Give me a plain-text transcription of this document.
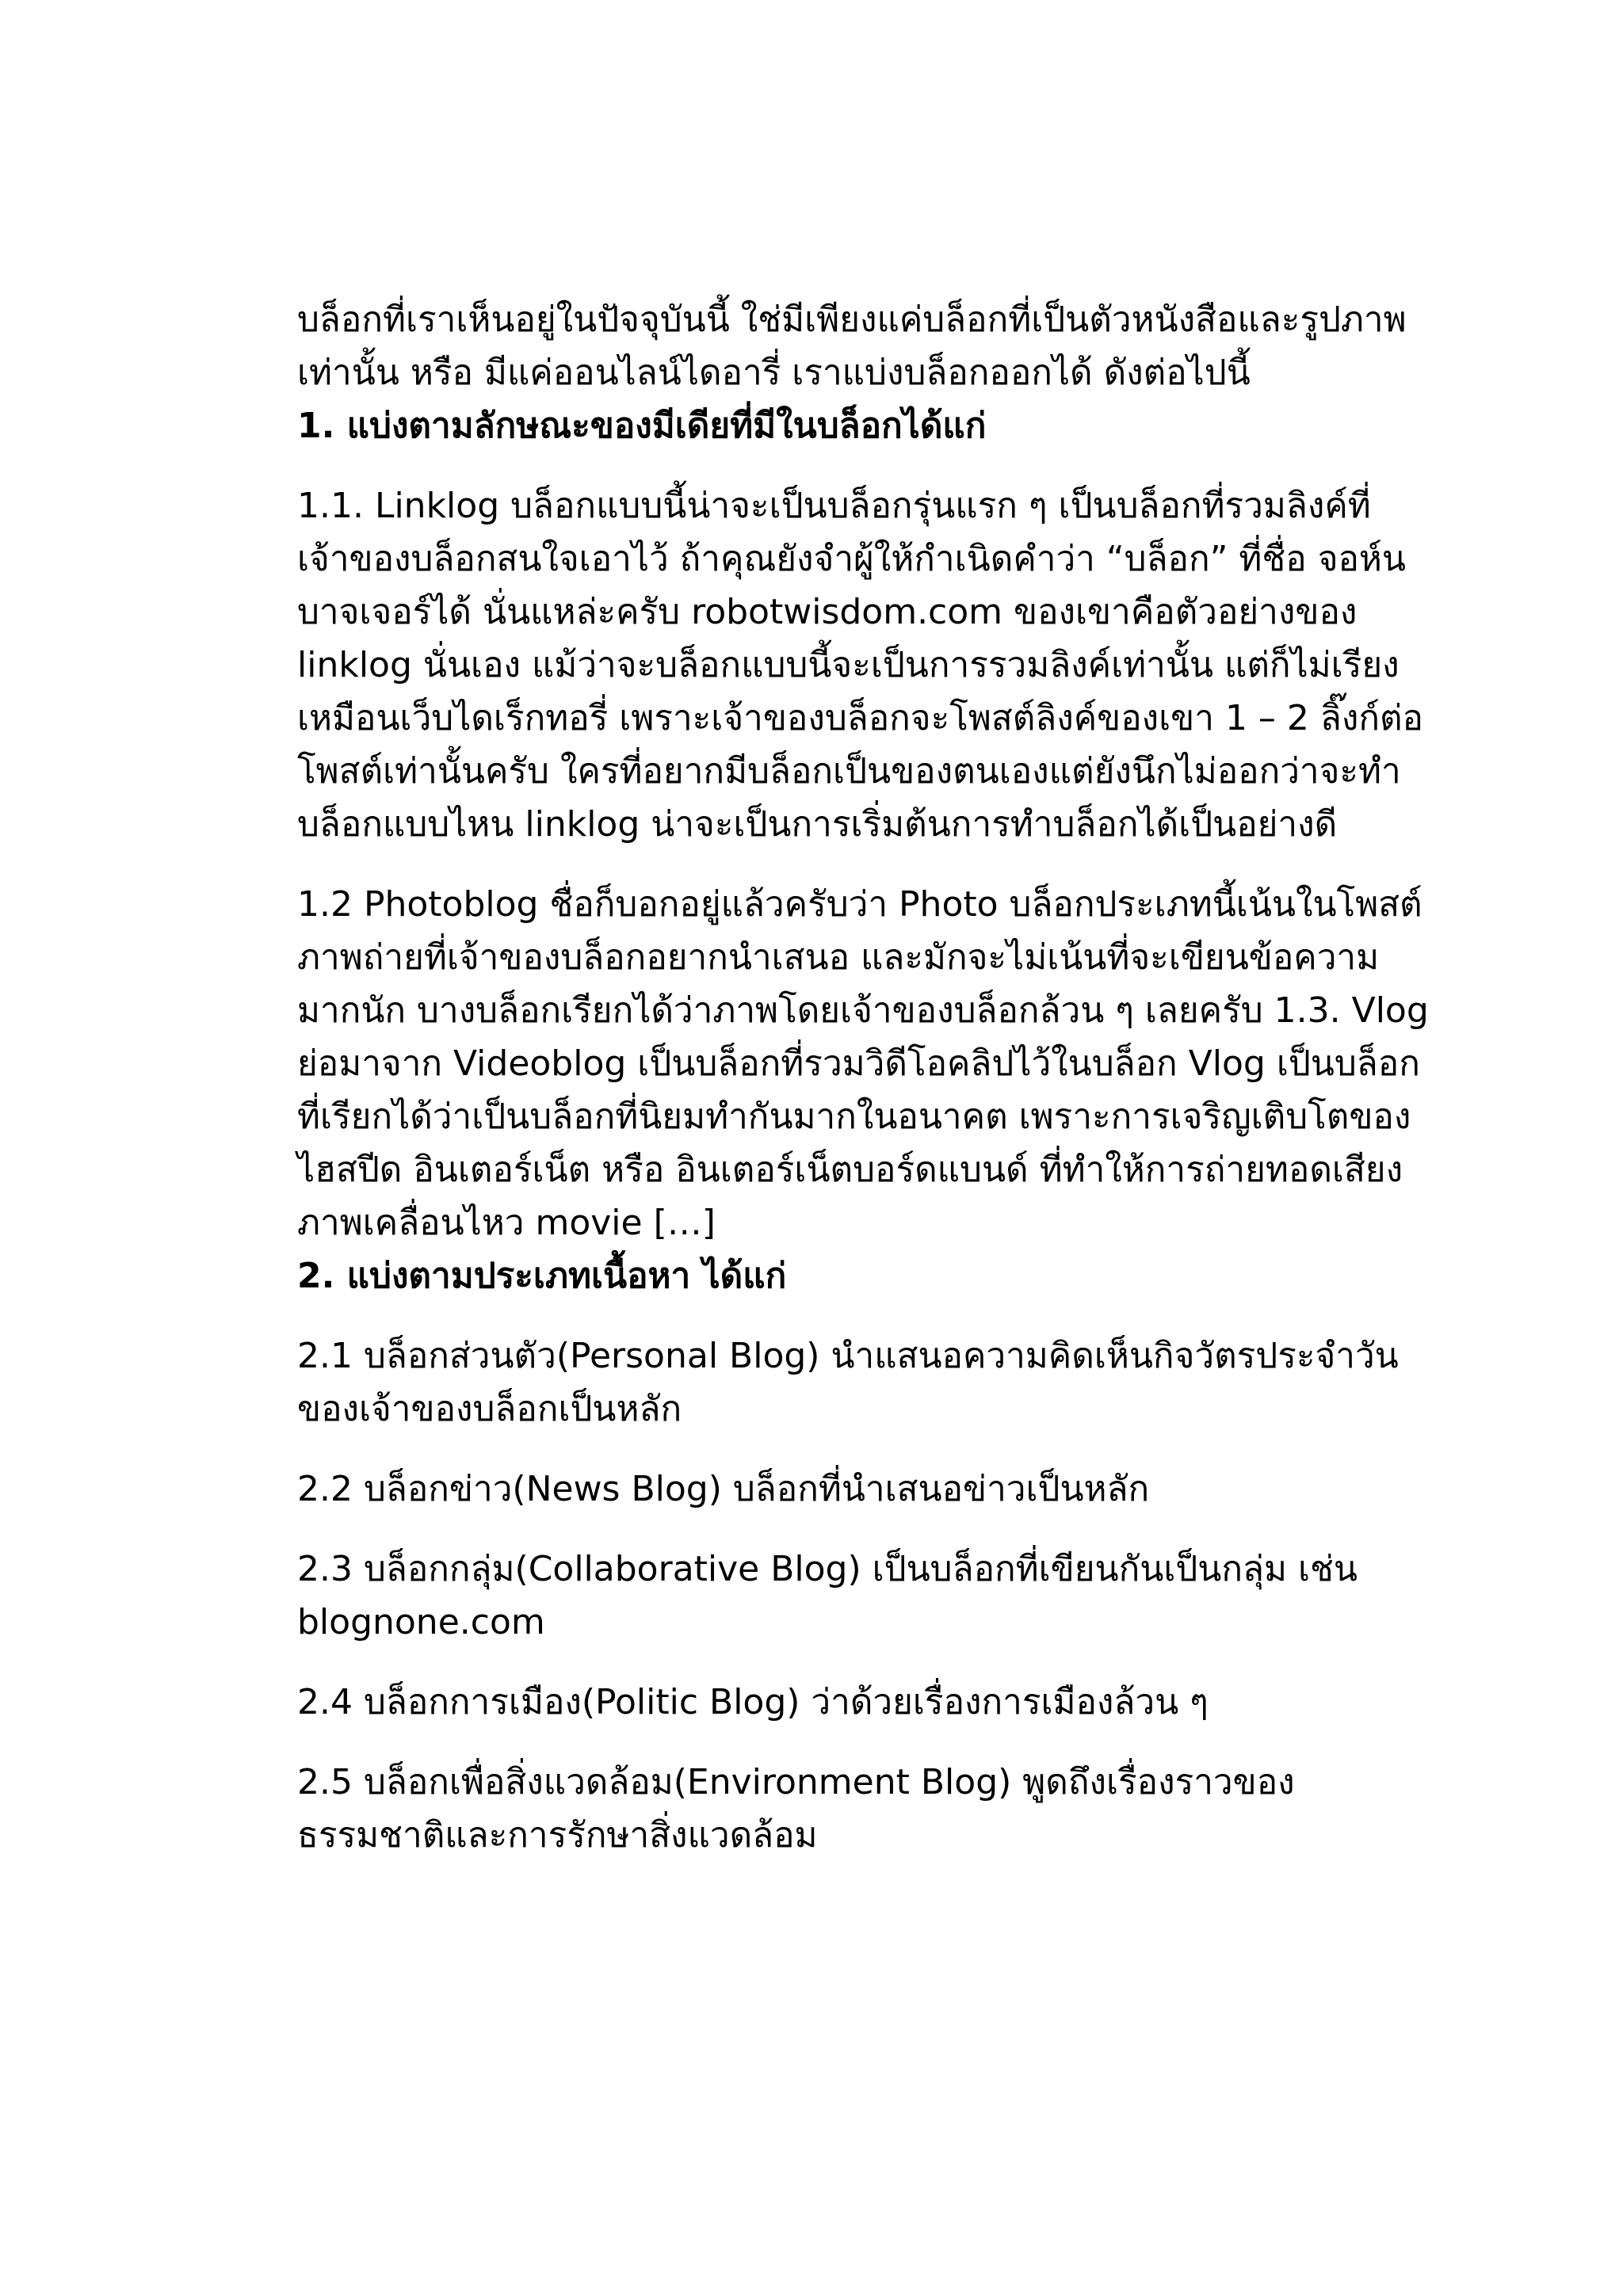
บล็อกที่เราเห็นอยู่ในปัจจุบันนี้ ใช่มีเพียงแค่บล็อกที่เป็นตัวหนังสือและรูปภาพเท่านั้น หรือ มีแค่ออนไลน์ไดอารี่ เราแบ่งบล็อกออกได้ ดังต่อไปนี้

1. แบ่งตามลักษณะของมีเดียที่มีในบล็อกได้แก่

1.1. Linklog บล็อกแบบนี้น่าจะเป็นบล็อกรุ่นแรก ๆ เป็นบล็อกที่รวมลิงค์ที่เจ้าของบล็อกสนใจเอาไว้ ถ้าคุณยังจำผู้ให้กำเนิดคำว่า “บล็อก” ที่ชื่อ จอห์น บาจเจอร์ได้ นั่นแหล่ะครับ robotwisdom.com ของเขาคือตัวอย่างของ linklog นั่นเอง แม้ว่าจะบล็อกแบบนี้จะเป็นการรวมลิงค์เท่านั้น แต่ก็ไม่เรียงเหมือนเว็บไดเร็กทอรี่ เพราะเจ้าของบล็อกจะโพสต์ลิงค์ของเขา 1 – 2 ลิ๊งก์ต่อโพสต์เท่านั้นครับ ใครที่อยากมีบล็อกเป็นของตนเองแต่ยังนึกไม่ออกว่าจะทำบล็อกแบบไหน linklog น่าจะเป็นการเริ่มต้นการทำบล็อกได้เป็นอย่างดี

1.2 Photoblog ชื่อก็บอกอยู่แล้วครับว่า Photo บล็อกประเภทนี้เน้นในโพสต์ภาพถ่ายที่เจ้าของบล็อกอยากนำเสนอ และมักจะไม่เน้นที่จะเขียนข้อความมากนัก บางบล็อกเรียกได้ว่าภาพโดยเจ้าของบล็อกล้วน ๆ เลยครับ 1.3. Vlog ย่อมาจาก Videoblog เป็นบล็อกที่รวมวิดีโอคลิปไว้ในบล็อก Vlog เป็นบล็อกที่เรียกได้ว่าเป็นบล็อกที่นิยมทำกันมากในอนาคต เพราะการเจริญเติบโตของไฮสปีด อินเตอร์เน็ต หรือ อินเตอร์เน็ตบอร์ดแบนด์ ที่ทำให้การถ่ายทอดเสียง ภาพเคลื่อนไหว movie […]

2. แบ่งตามประเภทเนื้อหา ได้แก่

2.1 บล็อกส่วนตัว(Personal Blog) นำแสนอความคิดเห็นกิจวัตรประจำวันของเจ้าของบล็อกเป็นหลัก

2.2 บล็อกข่าว(News Blog) บล็อกที่นำเสนอข่าวเป็นหลัก

2.3 บล็อกกลุ่ม(Collaborative Blog) เป็นบล็อกที่เขียนกันเป็นกลุ่ม เช่น blognone.com

2.4 บล็อกการเมือง(Politic Blog) ว่าด้วยเรื่องการเมืองล้วน ๆ

2.5 บล็อกเพื่อสิ่งแวดล้อม(Environment Blog) พูดถึงเรื่องราวของธรรมชาติและการรักษาสิ่งแวดล้อม
